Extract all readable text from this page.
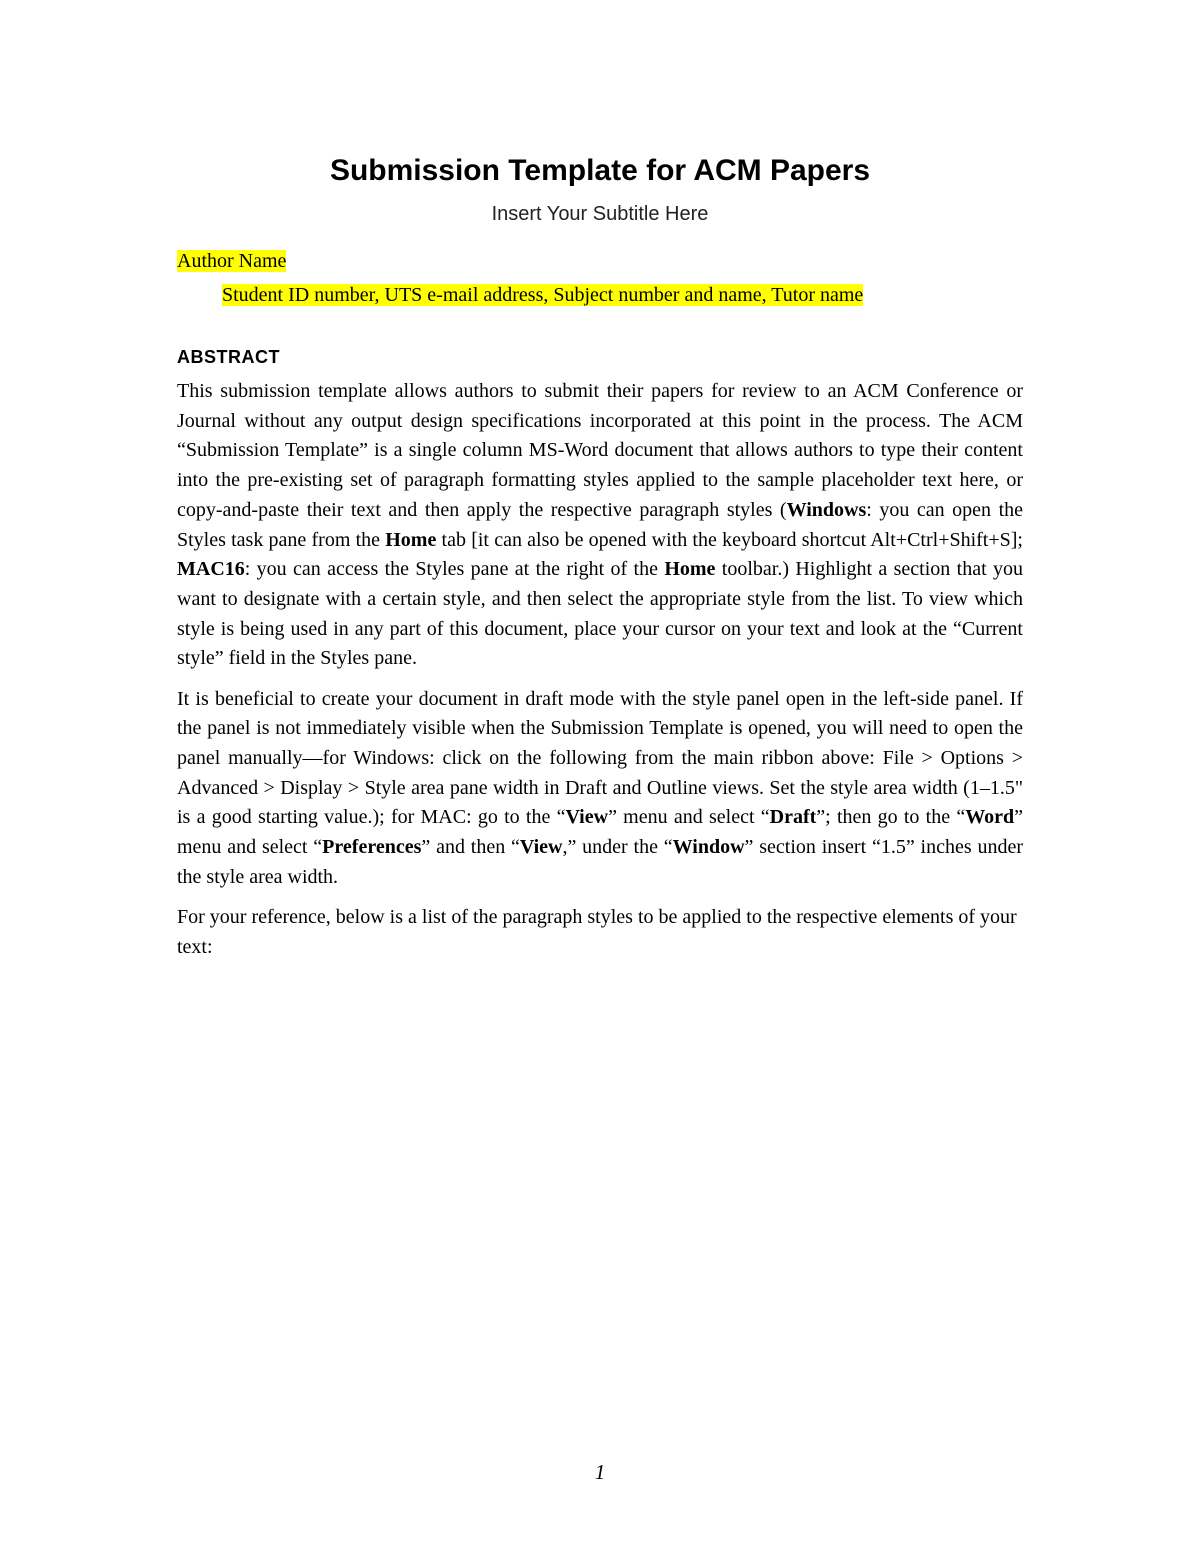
Submission Template for ACM Papers
Insert Your Subtitle Here
Author Name
Student ID number, UTS e-mail address, Subject number and name, Tutor name
ABSTRACT

This submission template allows authors to submit their papers for review to an ACM Conference or Journal without any output design specifications incorporated at this point in the process. The ACM “Submission Template” is a single column MS-Word document that allows authors to type their content into the pre-existing set of paragraph formatting styles applied to the sample placeholder text here, or copy-and-paste their text and then apply the respective paragraph styles (Windows: you can open the Styles task pane from the Home tab [it can also be opened with the keyboard shortcut Alt+Ctrl+Shift+S]; MAC16: you can access the Styles pane at the right of the Home toolbar.) Highlight a section that you want to designate with a certain style, and then select the appropriate style from the list. To view which style is being used in any part of this document, place your cursor on your text and look at the “Current style” field in the Styles pane.

It is beneficial to create your document in draft mode with the style panel open in the left-side panel. If the panel is not immediately visible when the Submission Template is opened, you will need to open the panel manually—for Windows: click on the following from the main ribbon above: File > Options > Advanced > Display > Style area pane width in Draft and Outline views. Set the style area width (1–1.5" is a good starting value.); for MAC: go to the “View” menu and select “Draft”; then go to the “Word” menu and select “Preferences” and then “View,” under the “Window” section insert “1.5” inches under the style area width.

For your reference, below is a list of the paragraph styles to be applied to the respective elements of your text:

1
